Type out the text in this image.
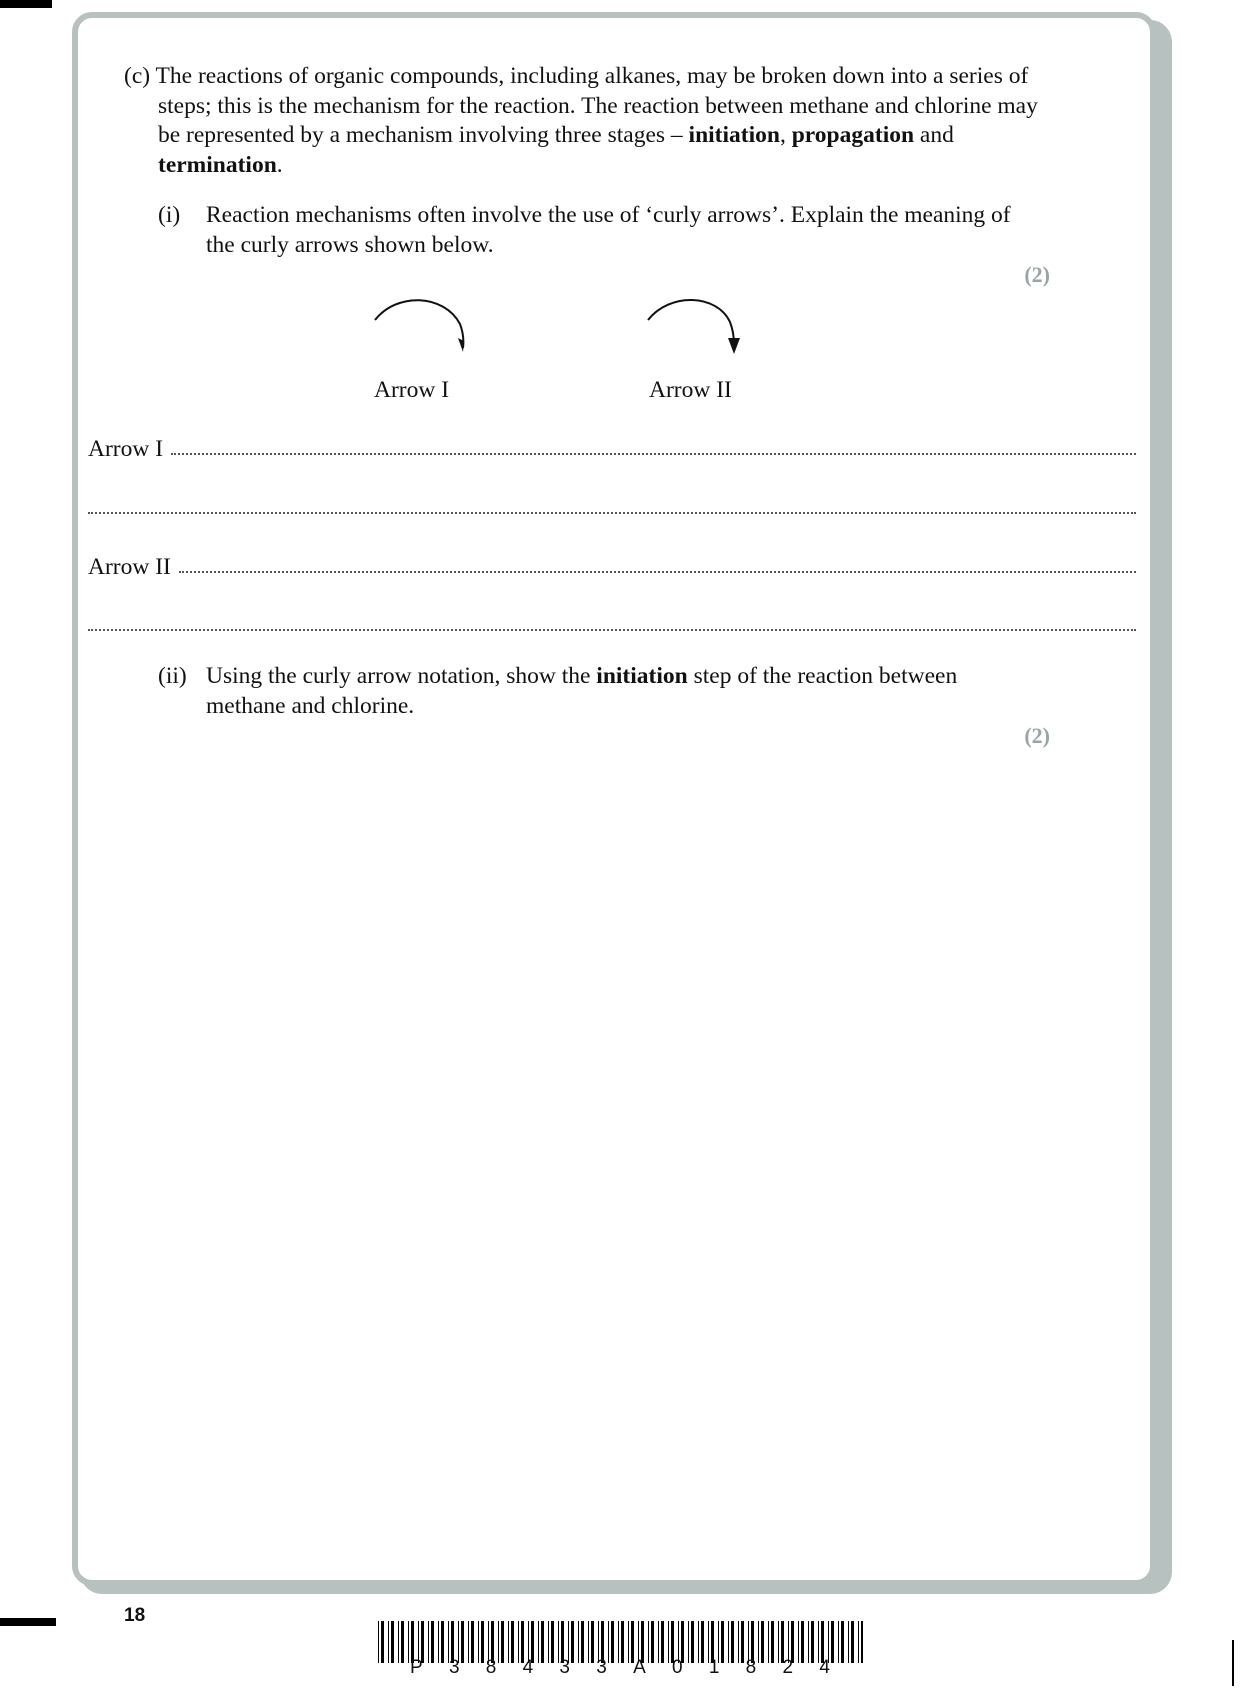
(c) The reactions of organic compounds, including alkanes, may be broken down into a series of steps; this is the mechanism for the reaction. The reaction between methane and chlorine may be represented by a mechanism involving three stages – initiation, propagation and termination.
(i) Reaction mechanisms often involve the use of ‘curly arrows’. Explain the meaning of the curly arrows shown below.
(2)
Arrow I	Arrow II
Arrow I
Arrow II
(ii) Using the curly arrow notation, show the initiation step of the reaction between methane and chlorine.
(2)
18
P 3 8 4 3 3 A 0 1 8 2 4
